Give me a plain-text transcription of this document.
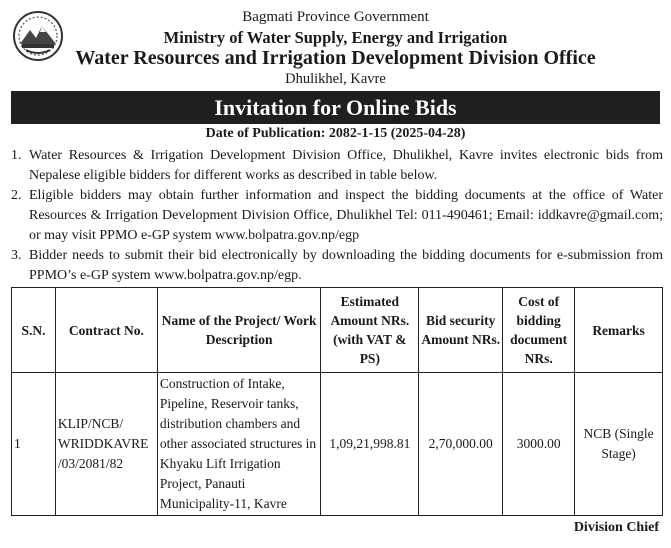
Bagmati Province Government
Ministry of Water Supply, Energy and Irrigation
Water Resources and Irrigation Development Division Office
Dhulikhel, Kavre
Invitation for Online Bids
Date of Publication: 2082-1-15 (2025-04-28)
1. Water Resources & Irrigation Development Division Office, Dhulikhel, Kavre invites electronic bids from Nepalese eligible bidders for different works as described in table below.
2. Eligible bidders may obtain further information and inspect the bidding documents at the office of Water Resources & Irrigation Development Division Office, Dhulikhel Tel: 011-490461; Email: iddkavre@gmail.com; or may visit PPMO e-GP system www.bolpatra.gov.np/egp
3. Bidder needs to submit their bid electronically by downloading the bidding documents for e-submission from PPMO’s e-GP system www.bolpatra.gov.np/egp.
S.N.	Contract No.	Name of the Project/ Work Description	Estimated Amount NRs. (with VAT & PS)	Bid security Amount NRs.	Cost of bidding document NRs.	Remarks
1	KLIP/NCB/ WRIDDKAVRE /03/2081/82	Construction of Intake, Pipeline, Reservoir tanks, distribution chambers and other associated structures in Khyaku Lift Irrigation Project, Panauti Municipality-11, Kavre	1,09,21,998.81	2,70,000.00	3000.00	NCB (Single Stage)
Division Chief
